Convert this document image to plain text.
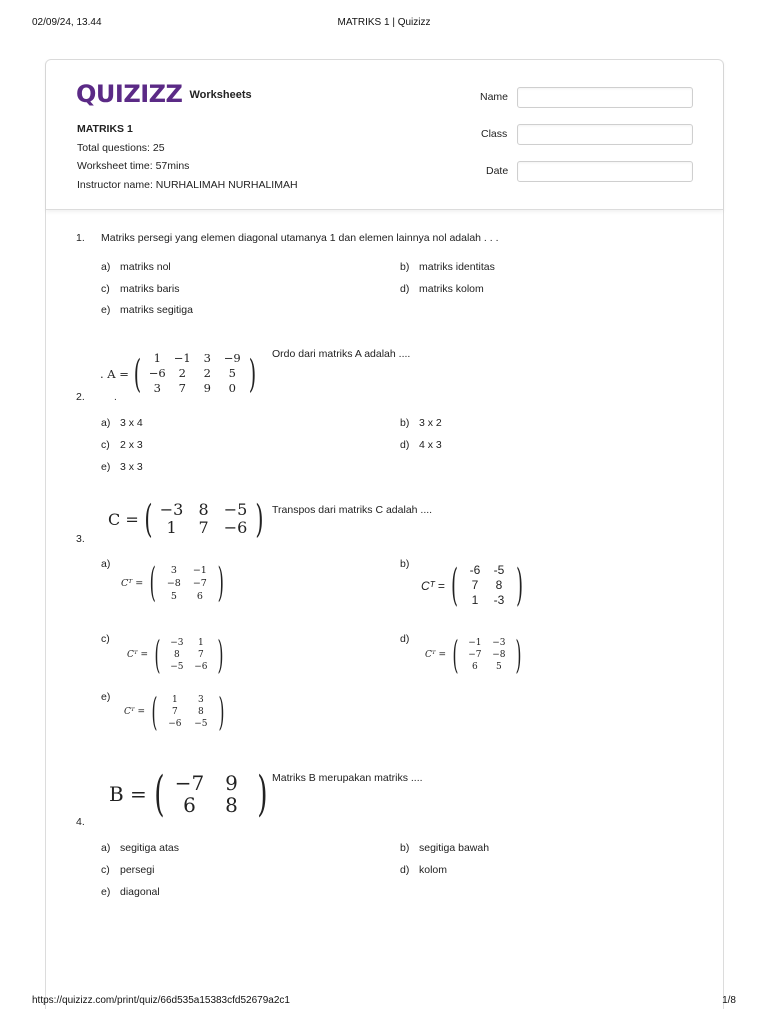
02/09/24, 13.44	MATRIKS 1 | Quizizz
QUIZIZZ Worksheets
MATRIKS 1
Total questions: 25
Worksheet time: 57mins
Instructor name: NURHALIMAH NURHALIMAH
Name
Class
Date
1. Matriks persegi yang elemen diagonal utamanya 1 dan elemen lainnya nol adalah . . .
a) matriks nol	b) matriks identitas
c) matriks baris	d) matriks kolom
e) matriks segitiga
. A = (	1	−1	3	−9
−6	2	2	5
3	7	9	0 )
.
2.
Ordo dari matriks A adalah ....
a) 3 x 4	b) 3 x 2
c) 2 x 3	d) 4 x 3
e) 3 x 3
C = ( −3 8 −5
1	7 −6 )
3.
Transpos dari matriks C adalah ....
a)
Cᵀ = (	3	−1
−8	−7
5	6 )	b)
Cᵀ = ( -6	-5
7	8
1	-3 )
c)
Cᵀ = (	−3	1
8	7
−5	−6 )	d)
Cᵀ = (	−1	−3
−7	−8
6	5 )
e)
Cᵀ = (	1	3
7	8
−6	−5 )
B = ( −7	9
6	8 )
4.
Matriks B merupakan matriks ....
a) segitiga atas	b) segitiga bawah
c) persegi	d) kolom
e) diagonal
https://quizizz.com/print/quiz/66d535a15383cfd52679a2c1	1/8
